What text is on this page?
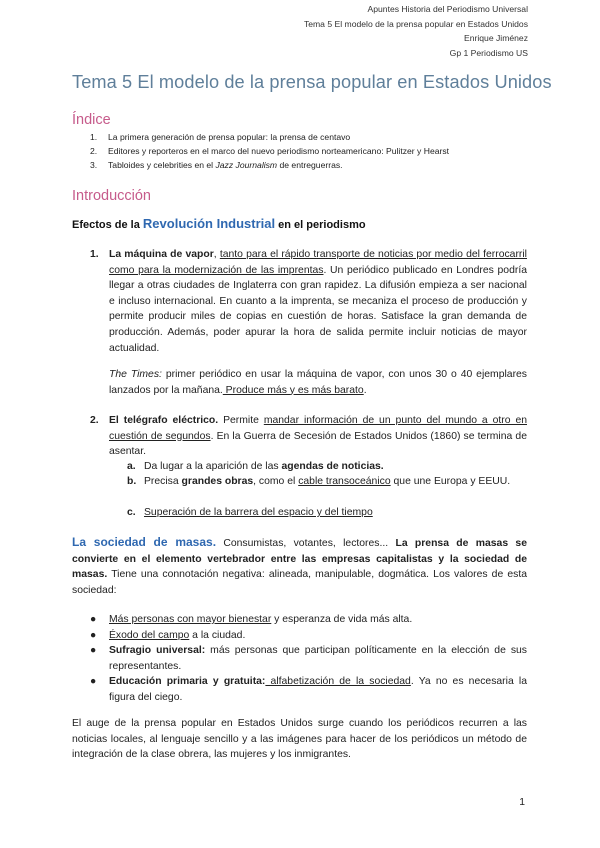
Apuntes Historia del Periodismo Universal
Tema 5 El modelo de la prensa popular en Estados Unidos
Enrique Jiménez
Gp 1 Periodismo US
Tema 5 El modelo de la prensa popular en Estados Unidos
Índice
1.	La primera generación de prensa popular: la prensa de centavo
2.	Editores y reporteros en el marco del nuevo periodismo norteamericano: Pulitzer y Hearst
3.	Tabloides y celebrities en el Jazz Journalism de entreguerras.
Introducción
Efectos de la Revolución Industrial en el periodismo
1. La máquina de vapor, tanto para el rápido transporte de noticias por medio del ferrocarril como para la modernización de las imprentas. Un periódico publicado en Londres podría llegar a otras ciudades de Inglaterra con gran rapidez. La difusión empieza a ser nacional e incluso internacional. En cuanto a la imprenta, se mecaniza el proceso de producción y permite producir miles de copias en cuestión de horas. Satisface la gran demanda de producción. Además, poder apurar la hora de salida permite incluir noticias de mayor actualidad.
The Times: primer periódico en usar la máquina de vapor, con unos 30 o 40 ejemplares lanzados por la mañana. Produce más y es más barato.
2. El telégrafo eléctrico. Permite mandar información de un punto del mundo a otro en cuestión de segundos. En la Guerra de Secesión de Estados Unidos (1860) se termina de asentar.
a. Da lugar a la aparición de las agendas de noticias.
b. Precisa grandes obras, como el cable transoceánico que une Europa y EEUU.
c. Superación de la barrera del espacio y del tiempo
La sociedad de masas. Consumistas, votantes, lectores... La prensa de masas se convierte en el elemento vertebrador entre las empresas capitalistas y la sociedad de masas. Tiene una connotación negativa: alineada, manipulable, dogmática. Los valores de esta sociedad:
● Más personas con mayor bienestar y esperanza de vida más alta.
● Éxodo del campo a la ciudad.
● Sufragio universal: más personas que participan políticamente en la elección de sus representantes.
● Educación primaria y gratuita: alfabetización de la sociedad. Ya no es necesaria la figura del ciego.
El auge de la prensa popular en Estados Unidos surge cuando los periódicos recurren a las noticias locales, al lenguaje sencillo y a las imágenes para hacer de los periódicos un método de integración de la clase obrera, las mujeres y los inmigrantes.
1
